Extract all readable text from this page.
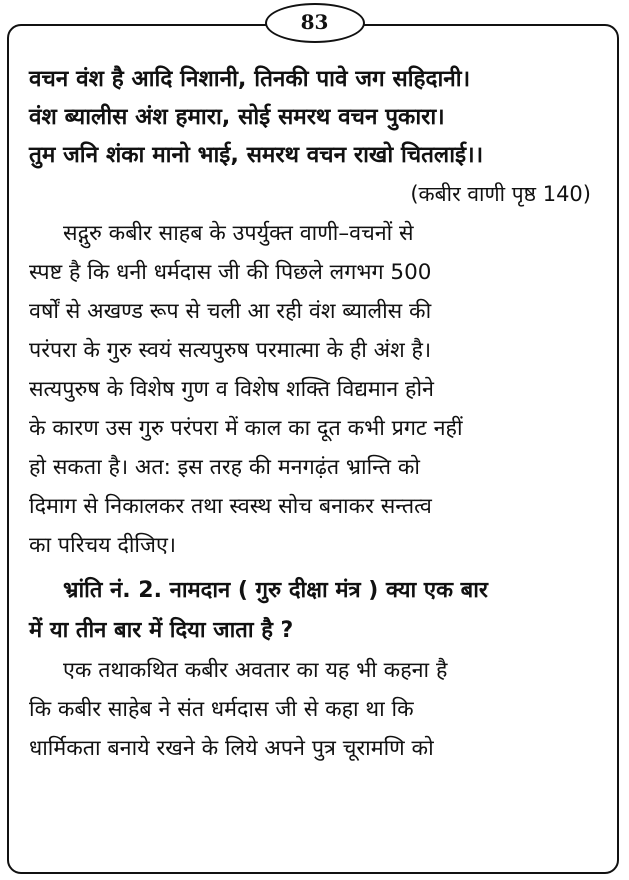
83

वचन वंश है आदि निशानी, तिनकी पावे जग सहिदानी।

वंश ब्यालीस अंश हमारा, सोई समरथ वचन पुकारा।

तुम जनि शंका मानो भाई, समरथ वचन राखो चितलाई।।

(कबीर वाणी पृष्ठ 140)

सद्गुरु कबीर साहब के उपर्युक्त वाणी–वचनों से

स्पष्ट है कि धनी धर्मदास जी की पिछले लगभग 500

वर्षों से अखण्ड रूप से चली आ रही वंश ब्यालीस की

परंपरा के गुरु स्वयं सत्यपुरुष परमात्मा के ही अंश है।

सत्यपुरुष के विशेष गुण व विशेष शक्ति विद्यमान होने

के कारण उस गुरु परंपरा में काल का दूत कभी प्रगट नहीं

हो सकता है। अत: इस तरह की मनगढ़ंत भ्रान्ति को

दिमाग से निकालकर तथा स्वस्थ सोच बनाकर सन्तत्व

का परिचय दीजिए।

भ्रांति नं. 2. नामदान ( गुरु दीक्षा मंत्र ) क्या एक बार

में या तीन बार में दिया जाता है ?

एक तथाकथित कबीर अवतार का यह भी कहना है

कि कबीर साहेब ने संत धर्मदास जी से कहा था कि

धार्मिकता बनाये रखने के लिये अपने पुत्र चूरामणि को
